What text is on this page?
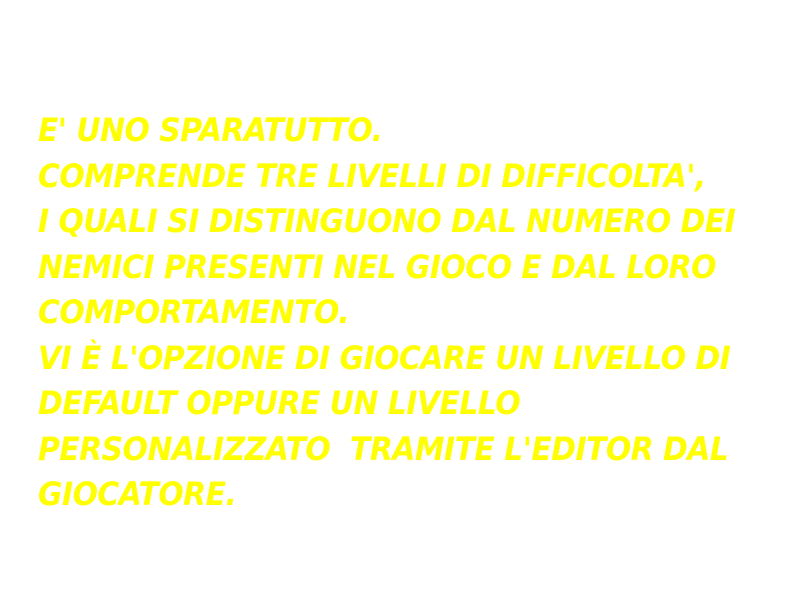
E' UNO SPARATUTTO.
COMPRENDE TRE LIVELLI DI DIFFICOLTA',
I QUALI SI DISTINGUONO DAL NUMERO DEI
NEMICI PRESENTI NEL GIOCO E DAL LORO
COMPORTAMENTO.
VI È L'OPZIONE DI GIOCARE UN LIVELLO DI
DEFAULT OPPURE UN LIVELLO
PERSONALIZZATO  TRAMITE L'EDITOR DAL
GIOCATORE.
